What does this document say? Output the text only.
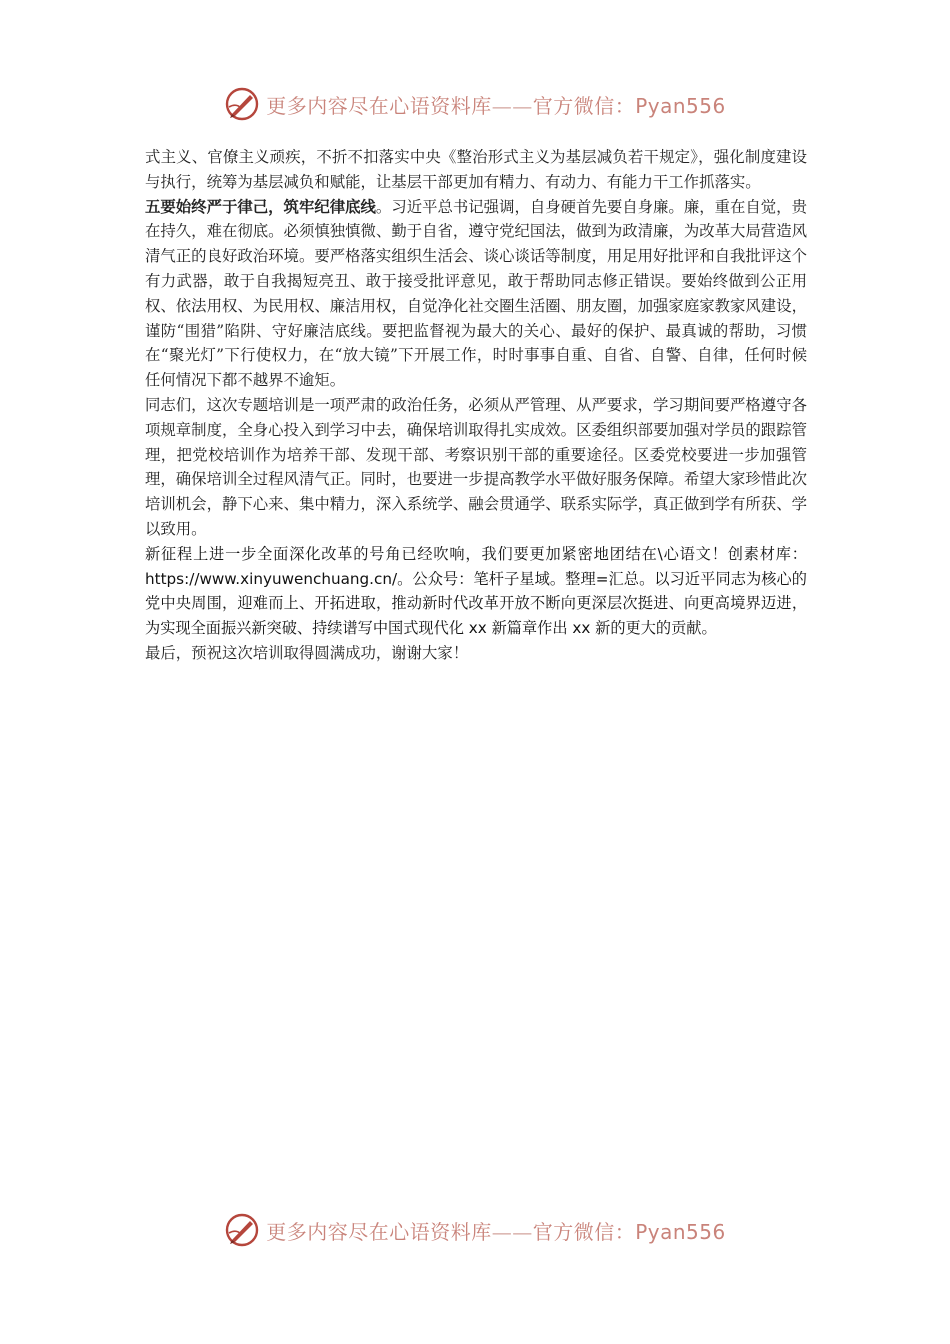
更多内容尽在心语资料库——官方微信：Pyan556

式主义、官僚主义顽疾，不折不扣落实中央《整治形式主义为基层减负若干规定》，强化制度建设与执行，统筹为基层减负和赋能，让基层干部更加有精力、有动力、有能力干工作抓落实。

五要始终严于律己，筑牢纪律底线。习近平总书记强调，自身硬首先要自身廉。廉，重在自觉，贵在持久，难在彻底。必须慎独慎微、勤于自省，遵守党纪国法，做到为政清廉，为改革大局营造风清气正的良好政治环境。要严格落实组织生活会、谈心谈话等制度，用足用好批评和自我批评这个有力武器，敢于自我揭短亮丑、敢于接受批评意见，敢于帮助同志修正错误。要始终做到公正用权、依法用权、为民用权、廉洁用权，自觉净化社交圈生活圈、朋友圈，加强家庭家教家风建设，谨防“围猎”陷阱、守好廉洁底线。要把监督视为最大的关心、最好的保护、最真诚的帮助，习惯在“聚光灯”下行使权力，在“放大镜”下开展工作，时时事事自重、自省、自警、自律，任何时候任何情况下都不越界不逾矩。

同志们，这次专题培训是一项严肃的政治任务，必须从严管理、从严要求，学习期间要严格遵守各项规章制度，全身心投入到学习中去，确保培训取得扎实成效。区委组织部要加强对学员的跟踪管理，把党校培训作为培养干部、发现干部、考察识别干部的重要途径。区委党校要进一步加强管理，确保培训全过程风清气正。同时，也要进一步提高教学水平做好服务保障。希望大家珍惜此次培训机会，静下心来、集中精力，深入系统学、融会贯通学、联系实际学，真正做到学有所获、学以致用。

新征程上进一步全面深化改革的号角已经吹响，我们要更加紧密地团结在\心语文！创素材库：https://www.xinyuwenchuang.cn/。公众号：笔杆子星域。整理=汇总。以习近平同志为核心的党中央周围，迎难而上、开拓进取，推动新时代改革开放不断向更深层次挺进、向更高境界迈进，为实现全面振兴新突破、持续谱写中国式现代化 xx 新篇章作出 xx 新的更大的贡献。

最后，预祝这次培训取得圆满成功，谢谢大家！

更多内容尽在心语资料库——官方微信：Pyan556
